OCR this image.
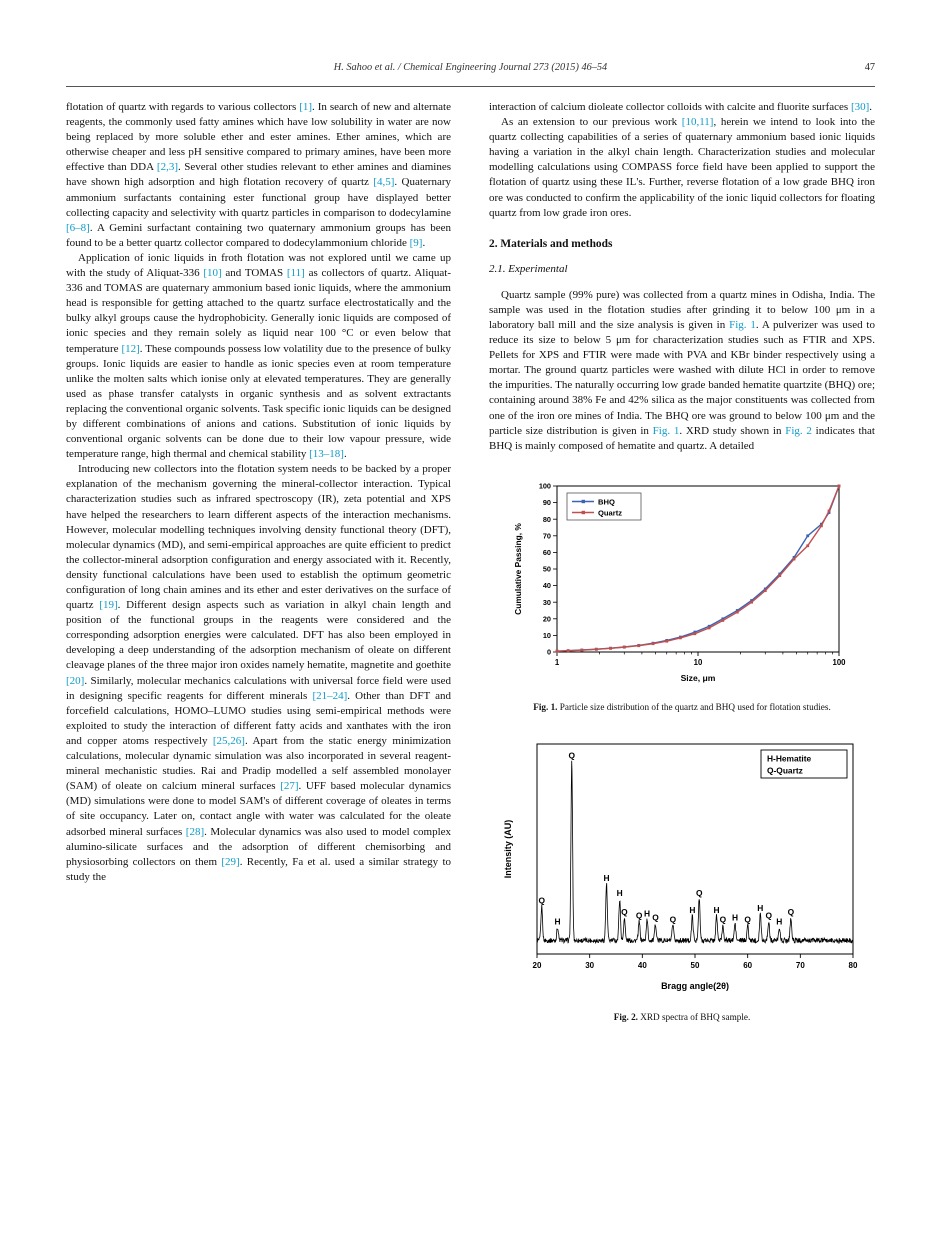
H. Sahoo et al. / Chemical Engineering Journal 273 (2015) 46–54	47

flotation of quartz with regards to various collectors [1]. In search of new and alternate reagents, the commonly used fatty amines which have low solubility in water are now being replaced by more soluble ether and ester amines. Ether amines, which are otherwise cheaper and less pH sensitive compared to primary amines, have been more effective than DDA [2,3]. Several other studies relevant to ether amines and diamines have shown high adsorption and high flotation recovery of quartz [4,5]. Quaternary ammonium surfactants containing ester functional group have displayed better collecting capacity and selectivity with quartz particles in comparison to dodecylamine [6–8]. A Gemini surfactant containing two quaternary ammonium groups has been found to be a better quartz collector compared to dodecylammonium chloride [9].

Application of ionic liquids in froth flotation was not explored until we came up with the study of Aliquat-336 [10] and TOMAS [11] as collectors of quartz. Aliquat-336 and TOMAS are quaternary ammonium based ionic liquids, where the ammonium head is responsible for getting attached to the quartz surface electrostatically and the bulky alkyl groups cause the hydrophobicity. Generally ionic liquids are composed of ionic species and they remain solely as liquid near 100 °C or even below that temperature [12]. These compounds possess low volatility due to the presence of bulky groups. Ionic liquids are easier to handle as ionic species even at room temperature unlike the molten salts which ionise only at elevated temperatures. They are generally used as phase transfer catalysts in organic synthesis and as solvent extractants replacing the conventional organic solvents. Task specific ionic liquids can be designed by different combinations of anions and cations. Substitution of ionic liquids by conventional organic solvents can be done due to their low vapour pressure, wide temperature range, high thermal and chemical stability [13–18].

Introducing new collectors into the flotation system needs to be backed by a proper explanation of the mechanism governing the mineral-collector interaction. Typical characterization studies such as infrared spectroscopy (IR), zeta potential and XPS have helped the researchers to learn different aspects of the interaction mechanisms. However, molecular modelling techniques involving density functional theory (DFT), molecular dynamics (MD), and semi-empirical approaches are quite efficient to predict the collector-mineral adsorption configuration and energy associated with it. Recently, density functional calculations have been used to establish the optimum geometric configuration of long chain amines and its ether and ester derivatives on the surface of quartz [19]. Different design aspects such as variation in alkyl chain length and position of the functional groups in the reagents were considered and the corresponding adsorption energies were calculated. DFT has also been employed in developing a deep understanding of the adsorption mechanism of oleate on different cleavage planes of the three major iron oxides namely hematite, magnetite and goethite [20]. Similarly, molecular mechanics calculations with universal force field were used in designing specific reagents for different minerals [21–24]. Other than DFT and forcefield calculations, HOMO–LUMO studies using semi-empirical methods were exploited to study the interaction of different fatty acids and xanthates with the iron and copper atoms respectively [25,26]. Apart from the static energy minimization calculations, molecular dynamic simulation was also incorporated in several reagent-mineral mechanistic studies. Rai and Pradip modelled a self assembled monolayer (SAM) of oleate on calcium mineral surfaces [27]. UFF based molecular dynamics (MD) simulations were done to model SAM's of different coverage of oleates in terms of site occupancy. Later on, contact angle with water was calculated for the oleate adsorbed mineral surfaces [28]. Molecular dynamics was also used to model complex alumino-silicate surfaces and the adsorption of different chemisorbing and physiosorbing collectors on them [29]. Recently, Fa et al. used a similar strategy to study the

interaction of calcium dioleate collector colloids with calcite and fluorite surfaces [30].

As an extension to our previous work [10,11], herein we intend to look into the quartz collecting capabilities of a series of quaternary ammonium based ionic liquids having a variation in the alkyl chain length. Characterization studies and molecular modelling calculations using COMPASS force field have been applied to support the flotation of quartz using these IL's. Further, reverse flotation of a low grade BHQ iron ore was conducted to confirm the applicability of the ionic liquid collectors for floating quartz from low grade iron ores.

2. Materials and methods
2.1. Experimental

Quartz sample (99% pure) was collected from a quartz mines in Odisha, India. The sample was used in the flotation studies after grinding it to below 100 μm in a laboratory ball mill and the size analysis is given in Fig. 1. A pulverizer was used to reduce its size to below 5 μm for characterization studies such as FTIR and XPS. Pellets for XPS and FTIR were made with PVA and KBr binder respectively using a mortar. The ground quartz particles were washed with dilute HCl in order to remove the impurities. The naturally occurring low grade banded hematite quartzite (BHQ) ore; containing around 38% Fe and 42% silica as the major constituents was collected from one of the iron ore mines of India. The BHQ ore was ground to below 100 μm and the particle size distribution is given in Fig. 1. XRD study shown in Fig. 2 indicates that BHQ is mainly composed of hematite and quartz. A detailed

0
10
20
30
40
50
60
70
80
90
100
1	10	100
Size, μm
Cumulative Passing, %
BHQ
Quartz
Fig. 1. Particle size distribution of the quartz and BHQ used for flotation studies.
Q
H
Q
H
H
Q Q H Q Q
H
Q
H
Q H Q
H
Q
H
Q
20	30	40	50	60	70	80
Bragg angle(2θ)
Intensity (AU)
H-Hematite
Q-Quartz
Fig. 2. XRD spectra of BHQ sample.
